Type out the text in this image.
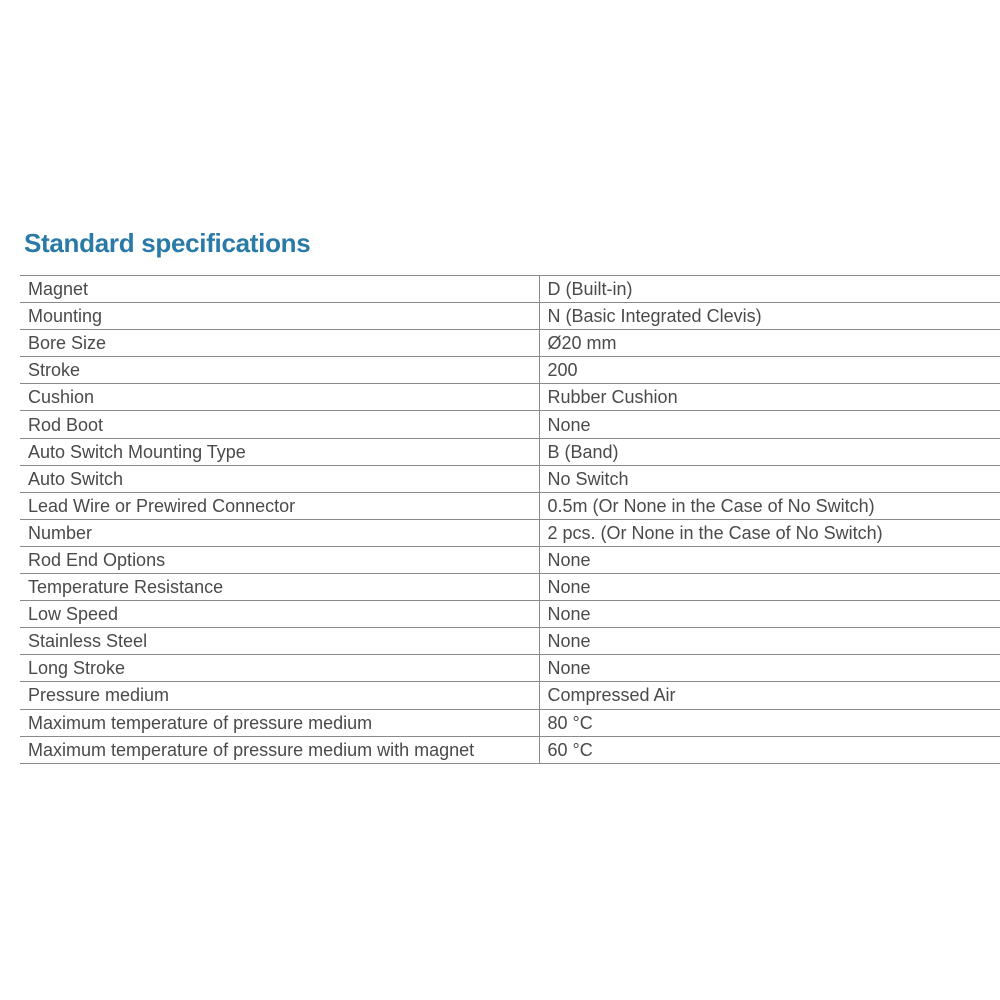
Standard specifications
Magnet	D (Built-in)
Mounting	N (Basic Integrated Clevis)
Bore Size	Ø20 mm
Stroke	200
Cushion	Rubber Cushion
Rod Boot	None
Auto Switch Mounting Type	B (Band)
Auto Switch	No Switch
Lead Wire or Prewired Connector	0.5m (Or None in the Case of No Switch)
Number	2 pcs. (Or None in the Case of No Switch)
Rod End Options	None
Temperature Resistance	None
Low Speed	None
Stainless Steel	None
Long Stroke	None
Pressure medium	Compressed Air
Maximum temperature of pressure medium	80 °C
Maximum temperature of pressure medium with magnet	60 °C
